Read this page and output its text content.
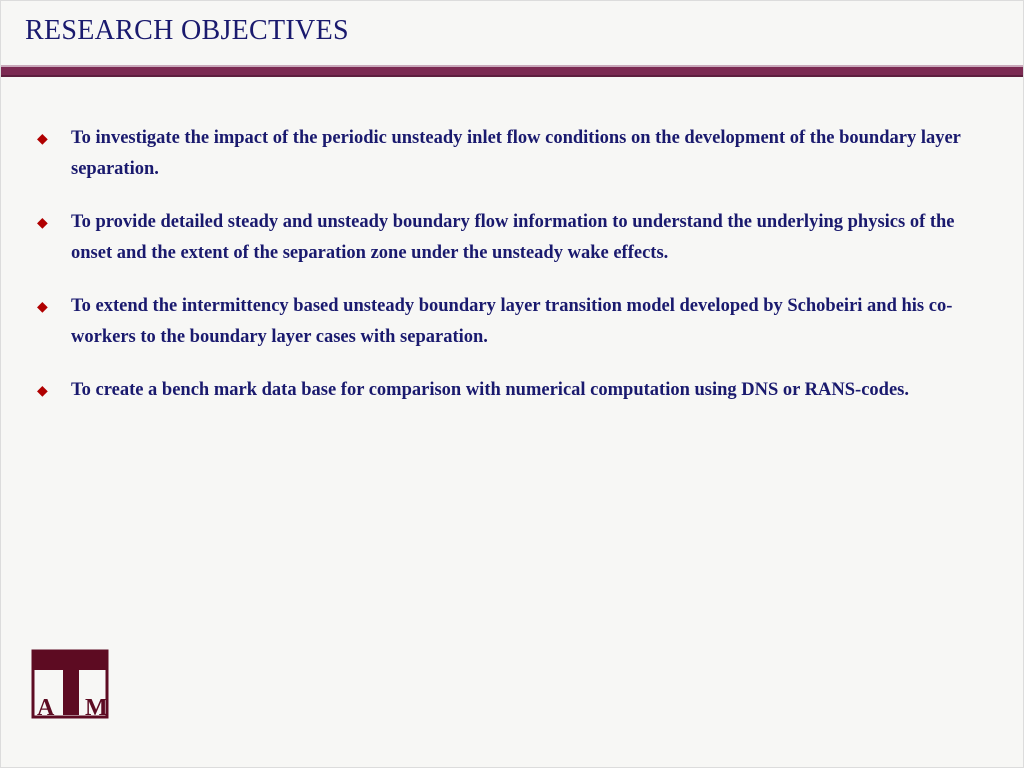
RESEARCH OBJECTIVES
◆	To investigate the impact of the periodic unsteady inlet flow conditions on the development of the boundary layer separation.
◆	To provide detailed steady and unsteady boundary flow information to understand the underlying physics of the onset and the extent of the separation zone under the unsteady wake effects.
◆	To extend the intermittency based unsteady boundary layer transition model developed by Schobeiri and his co-workers to the boundary layer cases with separation.
◆	To create a bench mark data base for comparison with numerical computation using DNS or RANS-codes.
A M
